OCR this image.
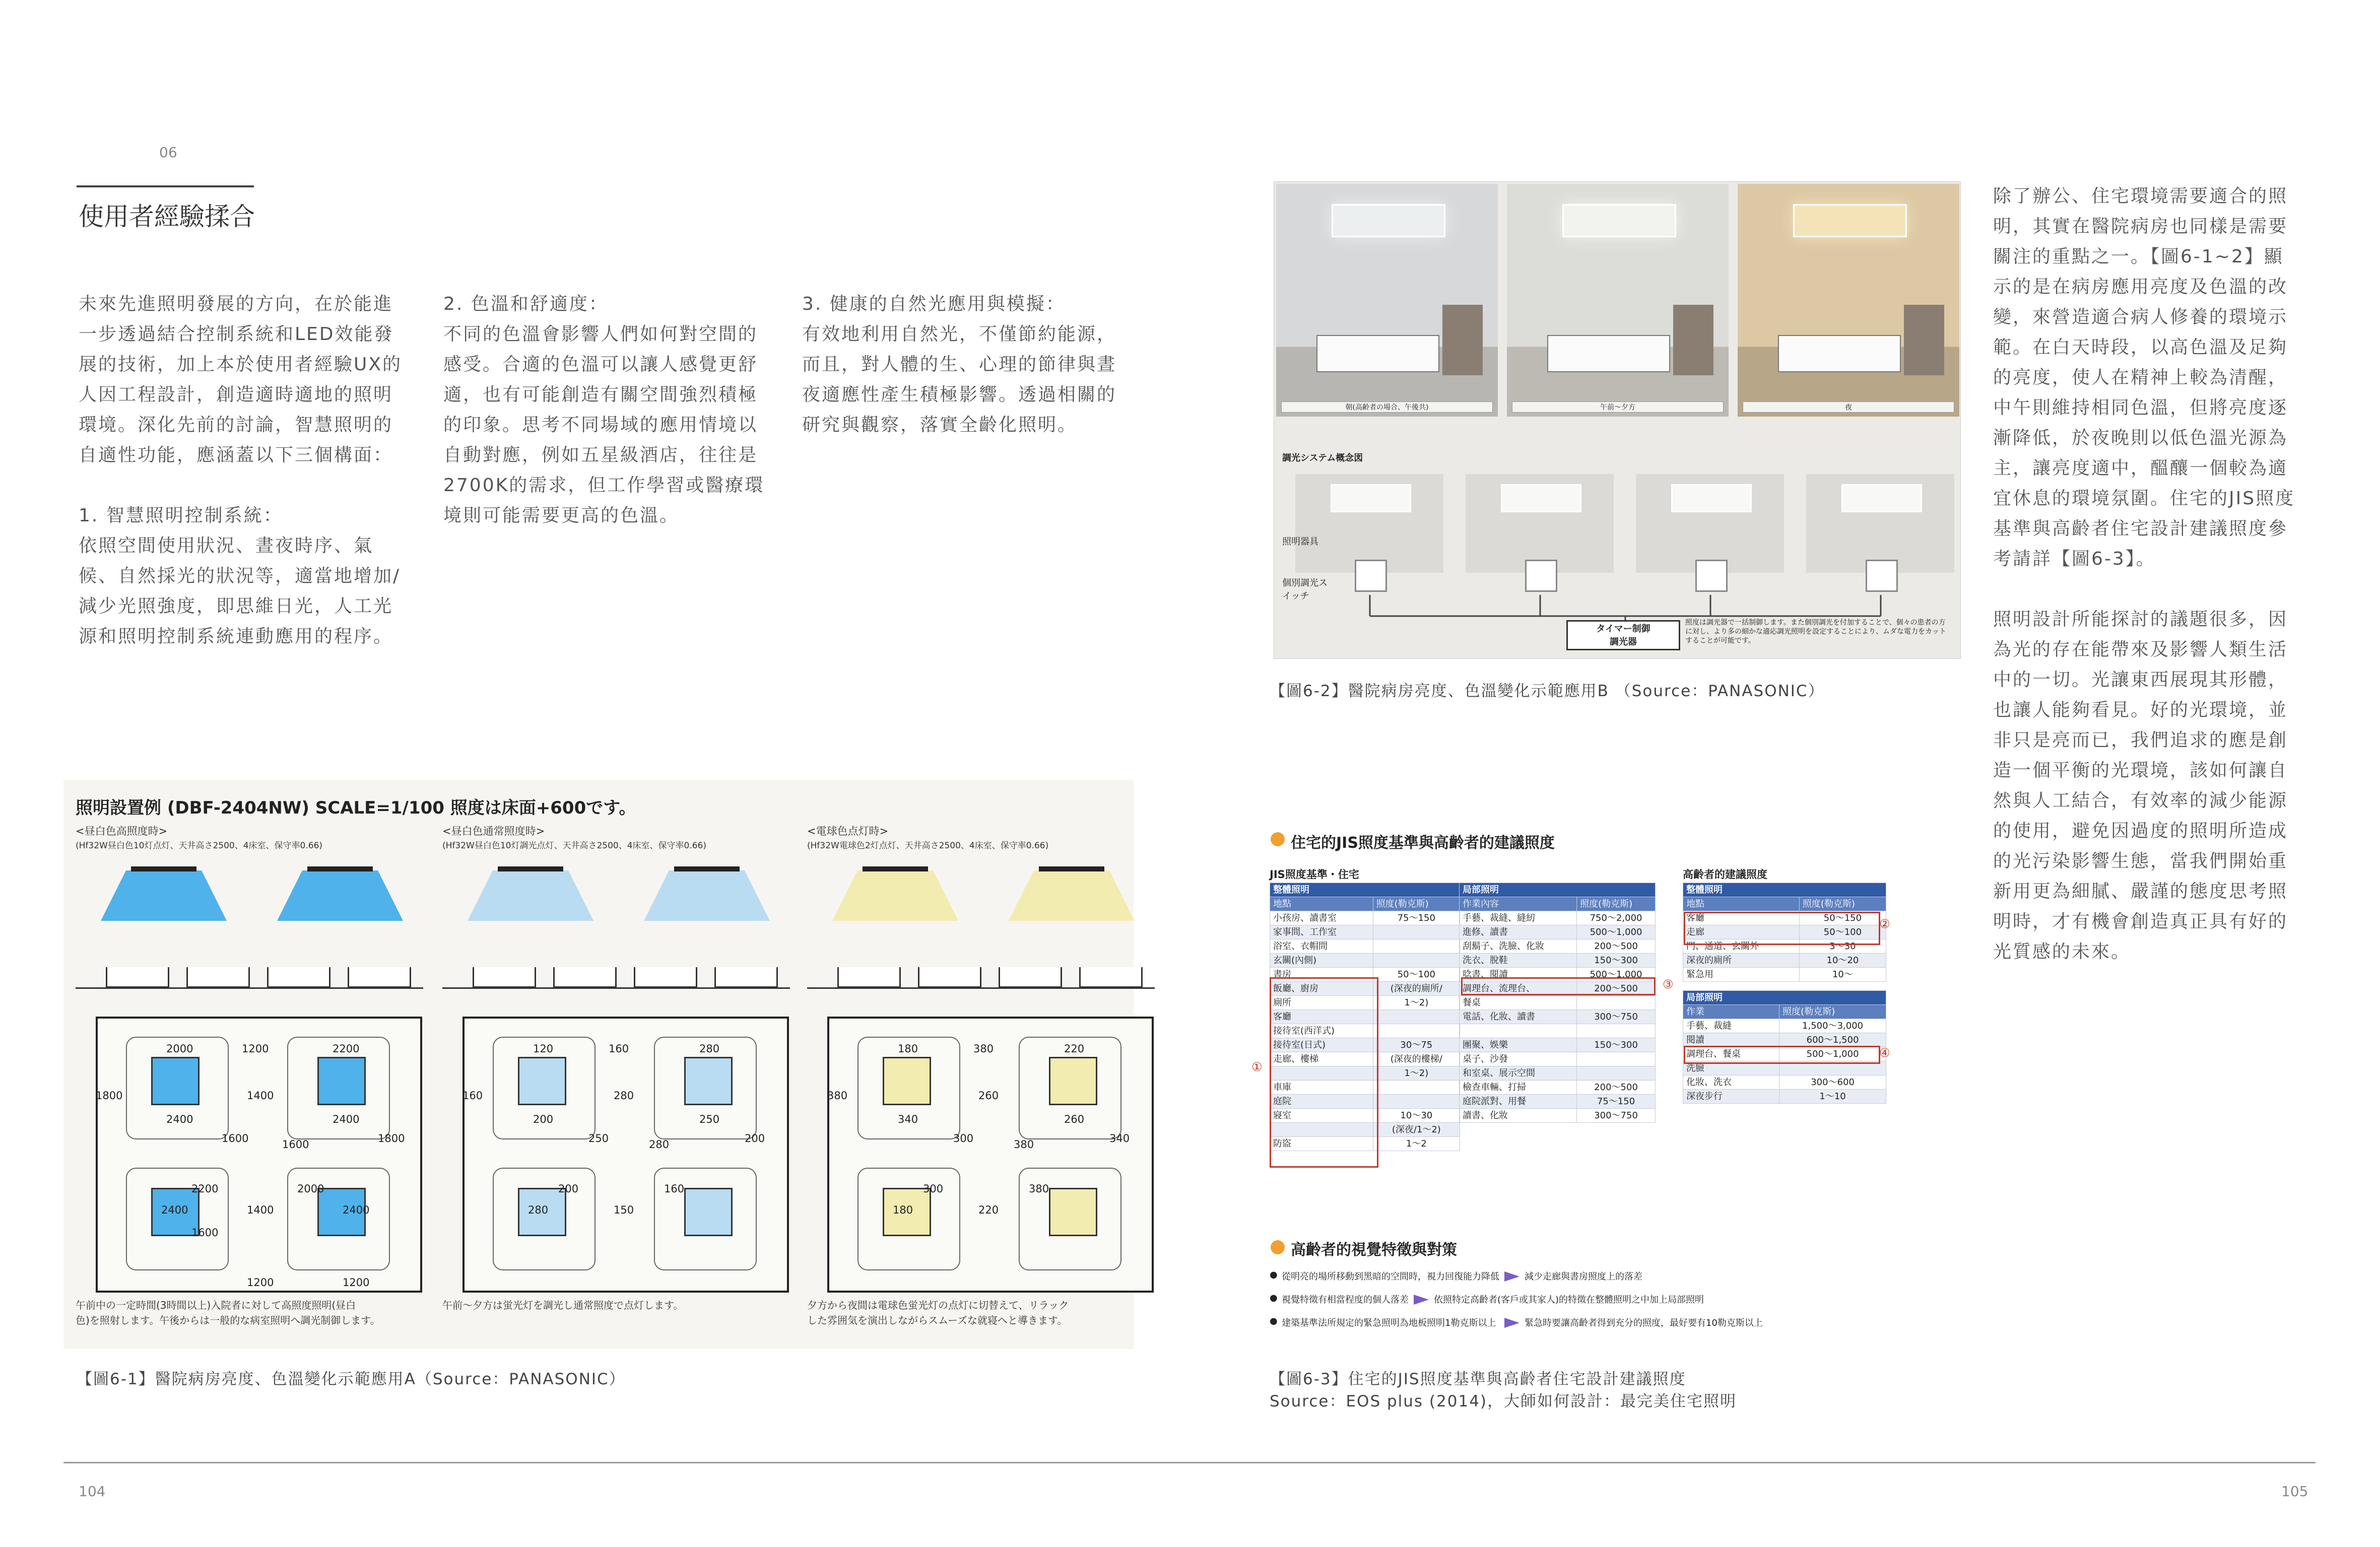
06
使用者經驗揉合

未來先進照明發展的方向，在於能進

一步透過結合控制系統和LED效能發

展的技術，加上本於使用者經驗UX的

人因工程設計，創造適時適地的照明

環境。深化先前的討論，智慧照明的

自適性功能，應涵蓋以下三個構面：

1. 智慧照明控制系統：

依照空間使用狀況、晝夜時序、氣

候、自然採光的狀況等，適當地增加/

減少光照強度，即思維日光，人工光

源和照明控制系統連動應用的程序。

2. 色溫和舒適度：

不同的色溫會影響人們如何對空間的

感受。合適的色溫可以讓人感覺更舒

適，也有可能創造有關空間強烈積極

的印象。思考不同場域的應用情境以

自動對應，例如五星級酒店，往往是

2700K的需求，但工作學習或醫療環

境則可能需要更高的色溫。

3. 健康的自然光應用與模擬：

有效地利用自然光，不僅節約能源，

而且，對人體的生、心理的節律與晝

夜適應性產生積極影響。透過相關的

研究與觀察，落實全齡化照明。

除了辦公、住宅環境需要適合的照

明，其實在醫院病房也同樣是需要

關注的重點之一。【圖6-1~2】顯

示的是在病房應用亮度及色溫的改

變，來營造適合病人修養的環境示

範。在白天時段，以高色溫及足夠

的亮度，使人在精神上較為清醒，

中午則維持相同色溫，但將亮度逐

漸降低，於夜晚則以低色溫光源為

主，讓亮度適中，醞釀一個較為適

宜休息的環境氛圍。住宅的JIS照度

基準與高齡者住宅設計建議照度參

考請詳【圖6-3】。

照明設計所能探討的議題很多，因

為光的存在能帶來及影響人類生活

中的一切。光讓東西展現其形體，

也讓人能夠看見。好的光環境，並

非只是亮而已，我們追求的應是創

造一個平衡的光環境，該如何讓自

然與人工結合，有效率的減少能源

的使用，避免因過度的照明所造成

的光污染影響生態，當我們開始重

新用更為細膩、嚴謹的態度思考照

明時，才有機會創造真正具有好的

光質感的未來。

照明設置例 (DBF-2404NW) SCALE=1/100 照度は床面+600です。
<昼白色高照度時>
(Hf32W昼白色10灯点灯、天井高さ2500、4床室、保守率0.66)
2000	1200	2200
1800	1400
2400	2400
1600	1600	1800
2200	2000
2400	1400	2400
1600
1200	1200
午前中の一定時間(3時間以上)入院者に対して高照度照明(昼白
色)を照射します。午後からは一般的な病室照明へ調光制御します。
<昼白色通常照度時>
(Hf32W昼白色10灯調光点灯、天井高さ2500、4床室、保守率0.66)
120	160	280
160	280
200	250
250	280	200
200	160
280	150
午前〜夕方は蛍光灯を調光し通常照度で点灯します。
<電球色点灯時>
(Hf32W電球色2灯点灯、天井高さ2500、4床室、保守率0.66)
180	380	220
380	260
340	260
300	380	340
300	380
180	220
夕方から夜間は電球色蛍光灯の点灯に切替えて、リラック
した雰囲気を演出しながらスムーズな就寝へと導きます。
【圖6-1】醫院病房亮度、色溫變化示範應用A（Source：PANASONIC）
朝(高齢者の場合、午後共)	午前〜夕方	夜
調光システム概念図
照明器具
個別調光スイッチ
タイマー制御
調光器
照度は調光器で一括制御します。また個別調光を付加することで、個々の患者の方に対し、より多の細かな適応調光照明を設定することにより、ムダな電力をカットすることが可能です。
【圖6-2】醫院病房亮度、色溫變化示範應用B （Source：PANASONIC）
住宅的JIS照度基準與高齡者的建議照度
JIS照度基準・住宅	高齡者的建議照度
整體照明	
地點	照度(勒克斯)
小孩房、讀書室	75〜150
家事間、工作室	
浴室、衣帽間	
玄關(內側)	
書房	50〜100
飯廳、廚房	(深夜的廁所/
廁所	1〜2)
客廳	
接待室(西洋式)	
接待室(日式)	30〜75
走廊、樓梯	(深夜的樓梯/
	1〜2)
車庫	
庭院	
寢室	10〜30
	(深夜/1〜2)
防盜	1〜2
局部照明	
作業內容	照度(勒克斯)
手藝、裁縫、縫紉	750〜2,000
進修、讀書	500〜1,000
刮鬍子、洗臉、化妝	200〜500
洗衣、脫鞋	150〜300
唸書、閱讀	500〜1,000
調理台、流理台、	200〜500
餐桌	
電話、化妝、讀書	300〜750

團聚、娛樂	150〜300
桌子、沙發	
和室桌、展示空間	
檢查車輛、打掃	200〜500
庭院派對、用餐	75〜150
讀書、化妝	300〜750
整體照明	
地點	照度(勒克斯)
客廳	50〜150
走廊	50〜100
門、通道、玄關外	3〜30
深夜的廁所	10〜20
緊急用	10〜
局部照明	
作業	照度(勒克斯)
手藝、裁縫	1,500〜3,000
閱讀	600〜1,500
調理台、餐桌	500〜1,000
洗臉	
化妝、洗衣	300〜600
深夜步行	1〜10
①
②
③
④
高齡者的視覺特徵與對策
● 從明亮的場所移動到黑暗的空間時，視力回復能力降低	減少走廊與書房照度上的落差
● 視覺特徵有相當程度的個人落差	依照特定高齡者(客戶或其家人)的特徵在整體照明之中加上局部照明
● 建築基準法所規定的緊急照明為地板照明1勒克斯以上	緊急時要讓高齡者得到充分的照度，最好要有10勒克斯以上
【圖6-3】住宅的JIS照度基準與高齡者住宅設計建議照度
Source：EOS plus (2014)，大師如何設計：最完美住宅照明
104	105
